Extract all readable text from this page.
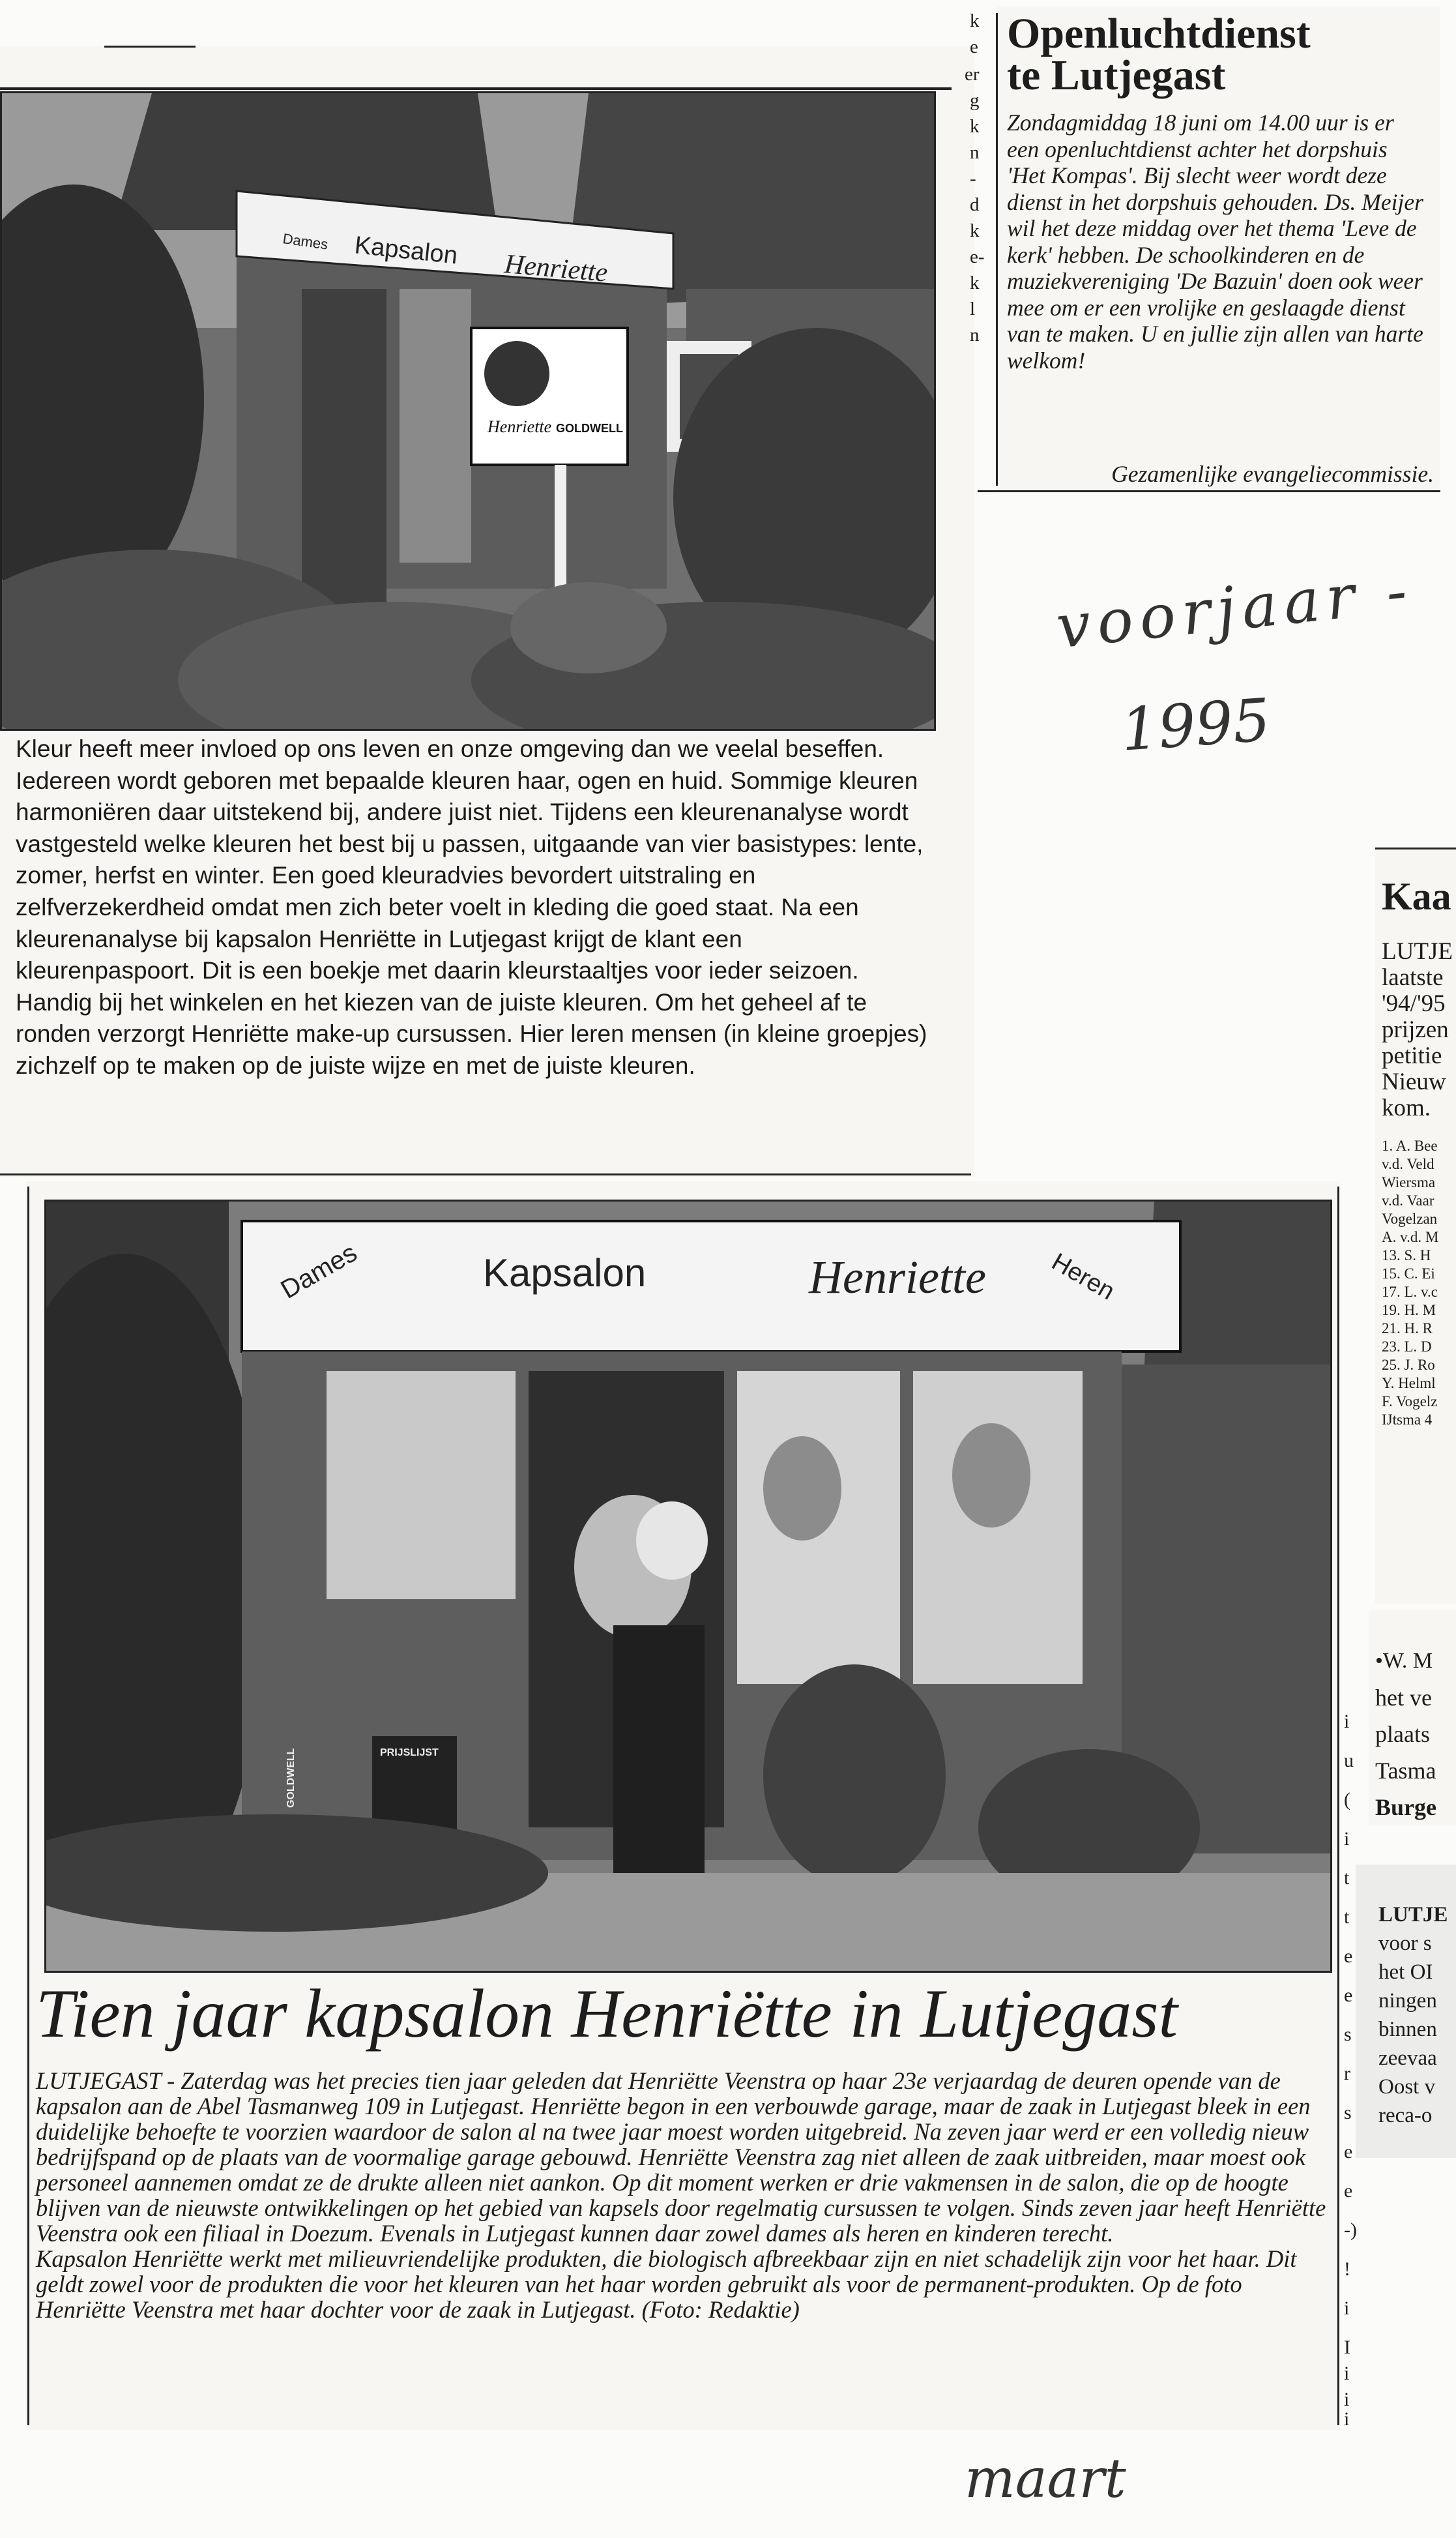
Dames Kapsalon Henriette
Henriette GOLDWELL

Kleur heeft meer invloed op ons leven en onze omgeving dan we veelal beseffen. Iedereen wordt geboren met bepaalde kleuren haar, ogen en huid. Sommige kleuren harmoniëren daar uitstekend bij, andere juist niet. Tijdens een kleurenanalyse wordt vastgesteld welke kleuren het best bij u passen, uitgaande van vier basistypes: lente, zomer, herfst en winter. Een goed kleuradvies bevordert uitstraling en zelfverzekerdheid omdat men zich beter voelt in kleding die goed staat. Na een kleurenanalyse bij kapsalon Henriëtte in Lutjegast krijgt de klant een kleurenpaspoort. Dit is een boekje met daarin kleurstaaltjes voor ieder seizoen. Handig bij het winkelen en het kiezen van de juiste kleuren. Om het geheel af te ronden verzorgt Henriëtte make-up cursussen. Hier leren mensen (in kleine groepjes) zichzelf op te maken op de juiste wijze en met de juiste kleuren.

Openluchtdienst
te Lutjegast

Zondagmiddag 18 juni om 14.00 uur is er een openluchtdienst achter het dorpshuis 'Het Kompas'. Bij slecht weer wordt deze dienst in het dorpshuis gehouden. Ds. Meijer wil het deze middag over het thema 'Leve de kerk' hebben. De schoolkinderen en de muziekvereniging 'De Bazuin' doen ook weer mee om er een vrolijke en geslaagde dienst van te maken. U en jullie zijn allen van harte welkom!

Gezamenlijke evangeliecommissie.

k
e
er
g
k
n
-
d
k
e-
k
l
n
voorjaar -
1995
Kaa
LUTJE
laatste
'94/'95
prijzen
petitie
Nieuw
kom.
1. A. Bee
v.d. Veld
Wiersma
v.d. Vaar
Vogelzan
A. v.d. M
13. S. H
15. C. Ei
17. L. v.c
19. H. M
21. H. R
23. L. D
25. J. Ro
Y. Helml
F. Vogelz
IJtsma 4
•W. M
het ve
plaats
Tasma
Burge
LUTJE
voor s
het OI
ningen
binnen
zeevaa
Oost v
reca-o
i
u
(
i
t
t
e
e
s
r
s
e
e
-)
!
i
I
i
i
i
Dames	Kapsalon	Henriette Heren
PRIJSLIJST
GOLDWELL
Tien jaar kapsalon Henriëtte in Lutjegast

LUTJEGAST - Zaterdag was het precies tien jaar geleden dat Henriëtte Veenstra op haar 23e verjaardag de deuren opende van de kapsalon aan de Abel Tasmanweg 109 in Lutjegast. Henriëtte begon in een verbouwde garage, maar de zaak in Lutjegast bleek in een duidelijke behoefte te voorzien waardoor de salon al na twee jaar moest worden uitgebreid. Na zeven jaar werd er een volledig nieuw bedrijfspand op de plaats van de voormalige garage gebouwd. Henriëtte Veenstra zag niet alleen de zaak uitbreiden, maar moest ook personeel aannemen omdat ze de drukte alleen niet aankon. Op dit moment werken er drie vakmensen in de salon, die op de hoogte blijven van de nieuwste ontwikkelingen op het gebied van kapsels door regelmatig cursussen te volgen. Sinds zeven jaar heeft Henriëtte Veenstra ook een filiaal in Doezum. Evenals in Lutjegast kunnen daar zowel dames als heren en kinderen terecht.

Kapsalon Henriëtte werkt met milieuvriendelijke produkten, die biologisch afbreekbaar zijn en niet schadelijk zijn voor het haar. Dit geldt zowel voor de produkten die voor het kleuren van het haar worden gebruikt als voor de permanent-produkten. Op de foto Henriëtte Veenstra met haar dochter voor de zaak in Lutjegast. (Foto: Redaktie)

maart
